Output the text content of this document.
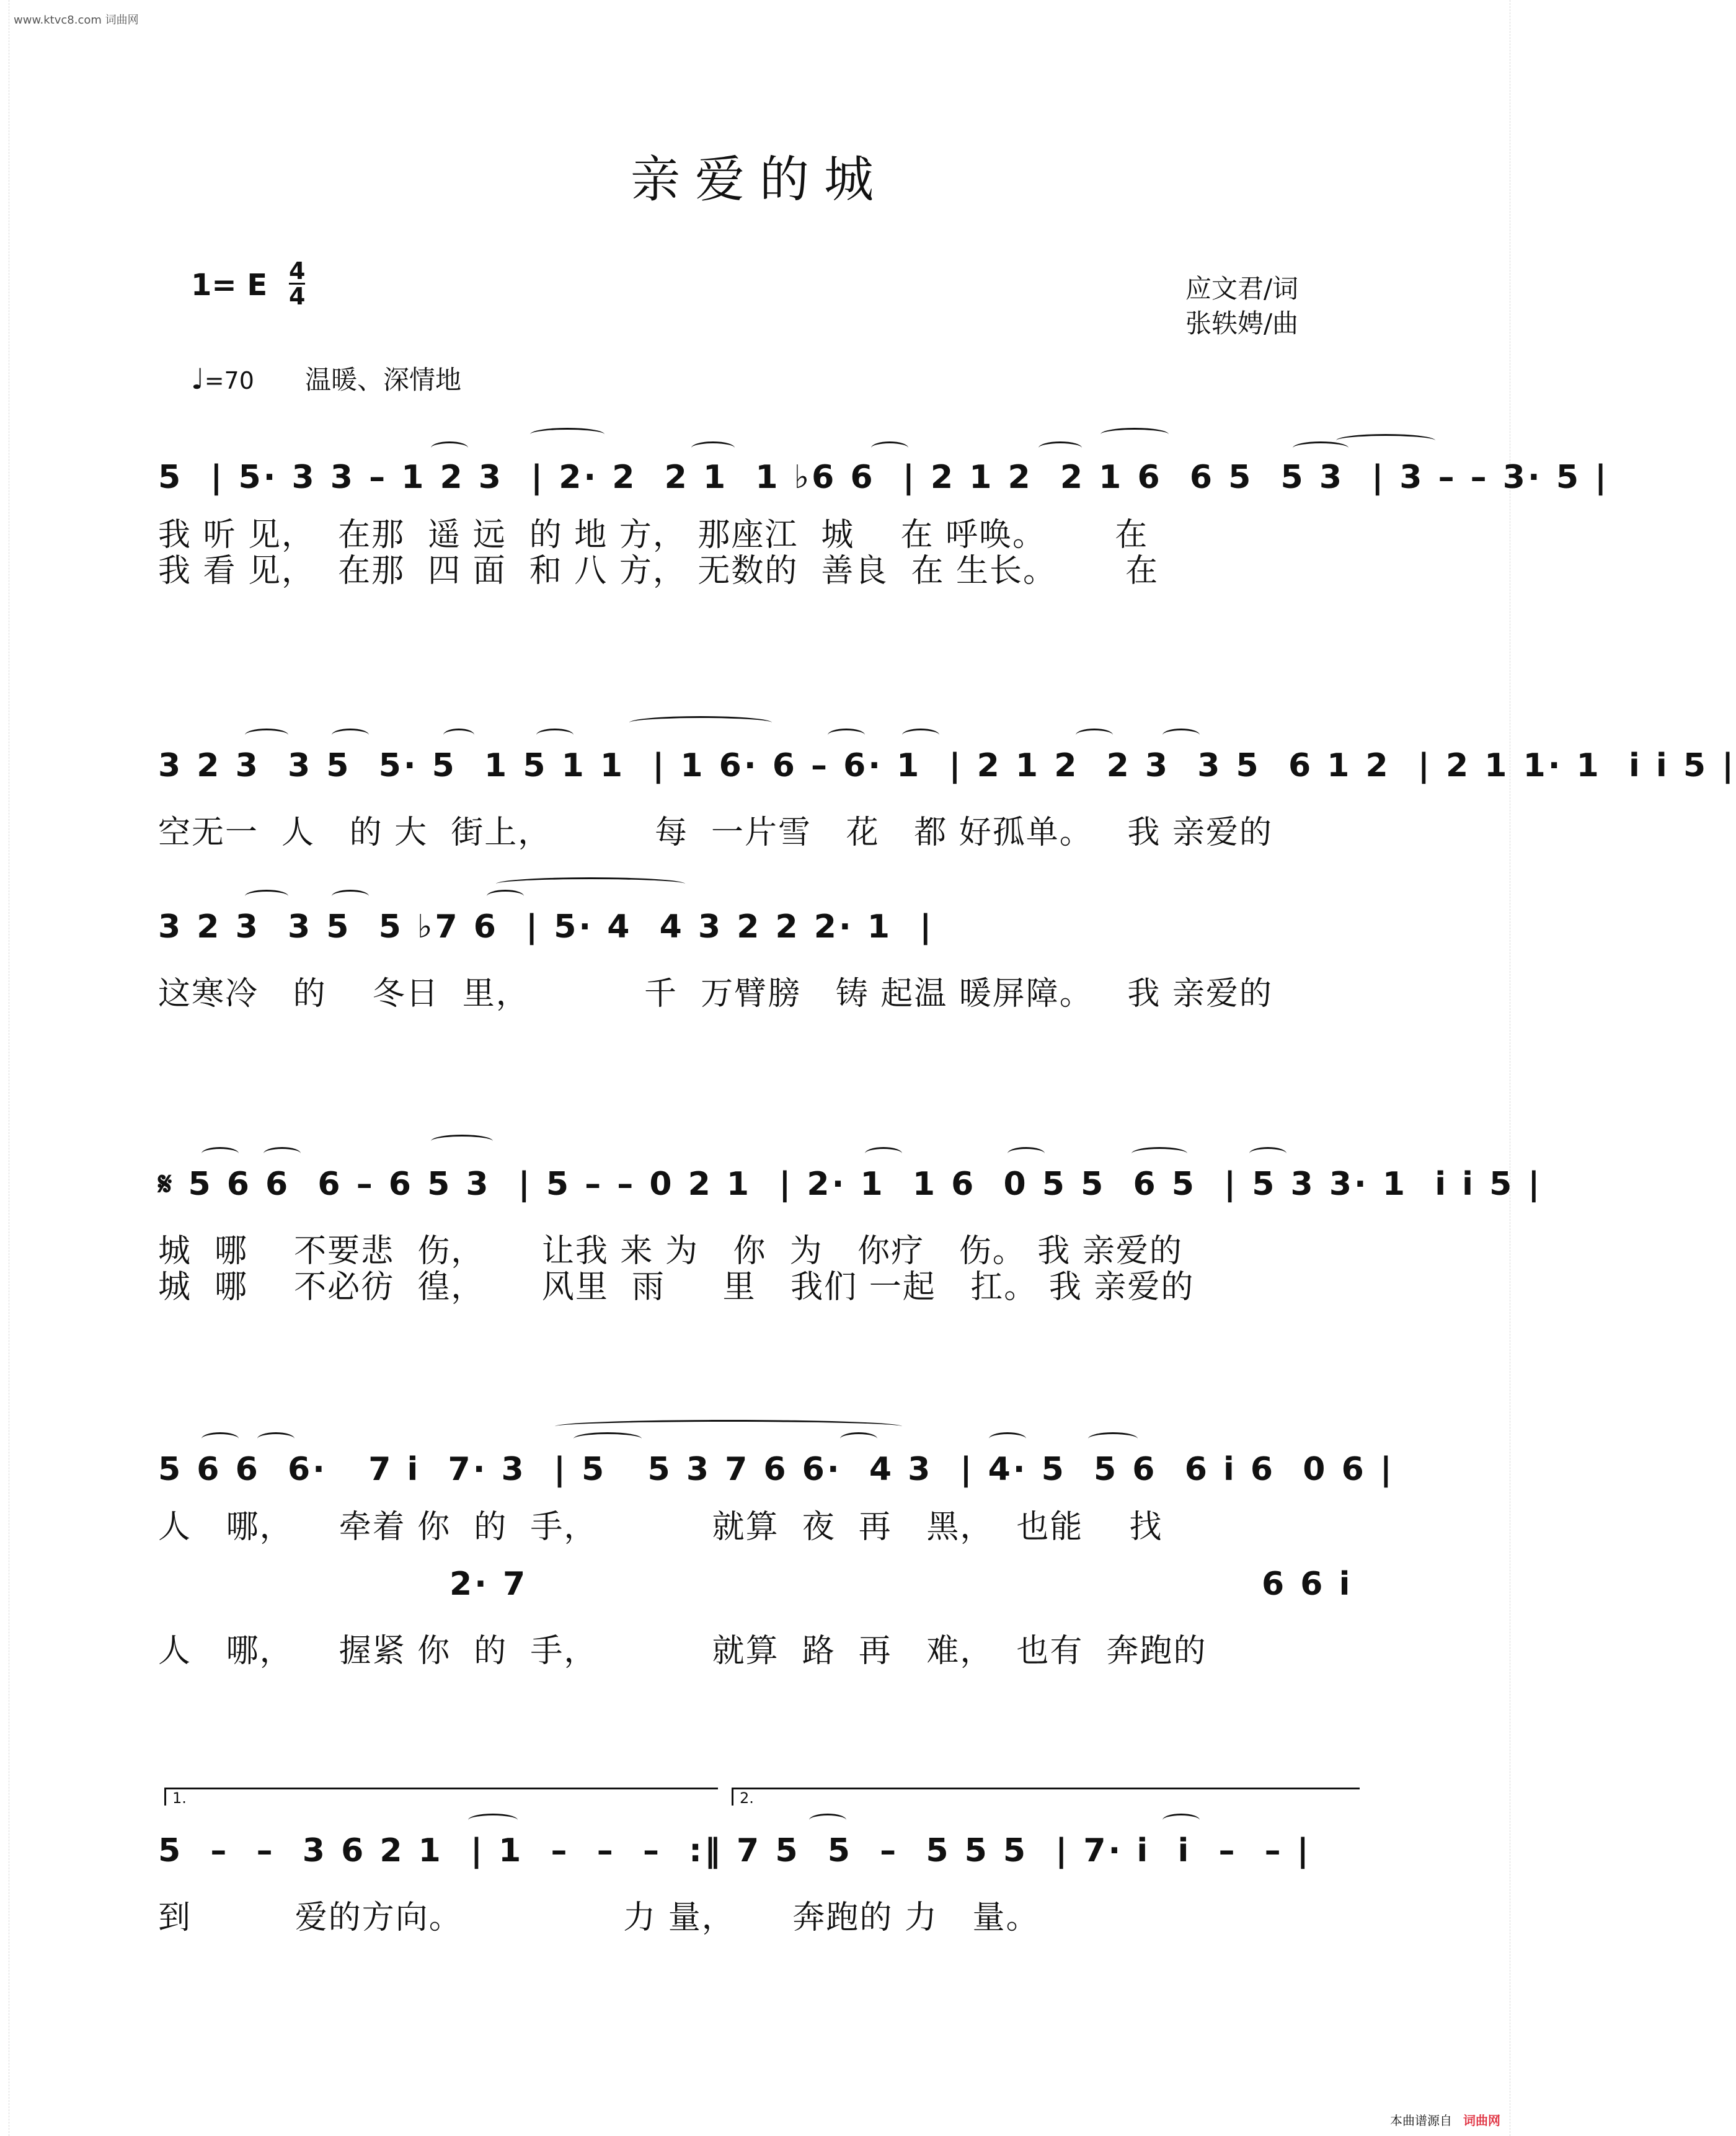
www.ktvc8.com 词曲网
亲爱的城
1= E 4
4	应文君/词
张轶娉/曲
♩=70 温暖、深情地
5  | 5· 3 3 – 1 2 3  | 2· 2  2 1  1 ♭6 6  | 2 1 2  2 1 6  6 5  5 3  | 3 – – 3· 5 |
我 听 见，  在那  遥 远  的 地 方， 那座江  城    在 呼唤。      在
我 看 见，  在那  四 面  和 八 方， 无数的  善良  在 生长。      在
3 2 3  3 5  5· 5  1 5 1 1  | 1 6· 6 – 6· 1  | 2 1 2  2 3  3 5  6 1 2  | 2 1 1· 1  i i 5 |
空无一  人   的 大  街上，         每  一片雪   花   都 好孤单。   我 亲爱的
3 2 3  3 5  5 ♭7 6  | 5· 4  4 3 2 2 2· 1  |
这寒冷   的    冬日  里，          千  万臂膀   铸 起温 暖屏障。   我 亲爱的
𝄋 5 6 6  6 – 6 5 3  | 5 – – 0 2 1  | 2· 1  1 6  0 5 5  6 5  | 5 3 3· 1  i i 5 |
城  哪    不要悲  伤，     让我 来 为   你  为   你疗   伤。 我 亲爱的
城  哪    不必彷  徨，     风里  雨     里   我们 一起   扛。 我 亲爱的
5 6 6  6·   7 i  7· 3  | 5   5 3 7 6 6·  4 3  | 4· 5  5 6  6 i 6  0 6 |
人   哪，    牵着 你  的  手，          就算  夜  再   黑，  也能    找
2· 7	6 6 i
人   哪，    握紧 你  的  手，          就算  路  再   难，  也有  奔跑的
1.	2.
5  –  –  3 6 2 1  | 1  –  –  –  :‖ 7 5  5  –  5 5 5  | 7· i  i  –  – |
到         爱的方向。              力 量，     奔跑的 力   量。
本曲谱源自 词曲网
